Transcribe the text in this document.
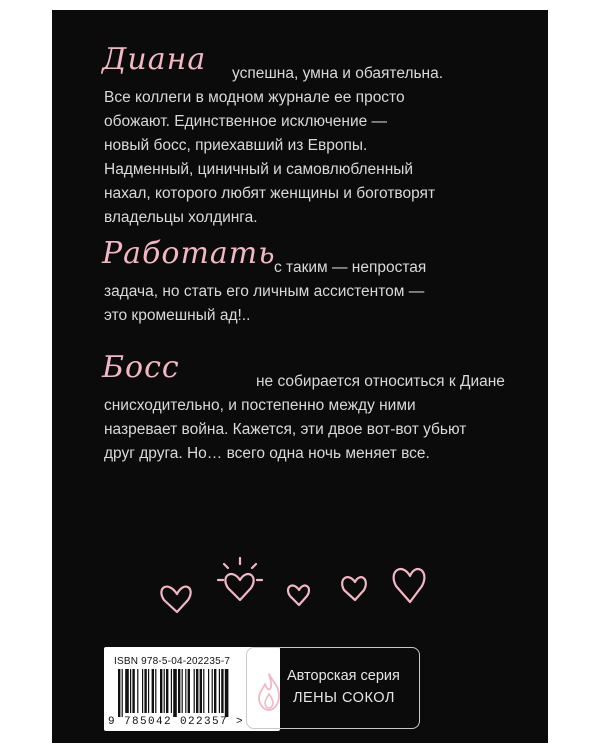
Диана успешна, умна и обаятельна.
Все коллеги в модном журнале ее просто
обожают. Единственное исключение —
новый босс, приехавший из Европы.
Надменный, циничный и самовлюбленный
нахал, которого любят женщины и боготворят
владельцы холдинга.
Работать
с таким — непростая
задача, но стать его личным ассистентом —
это кромешный ад!..
Босс	не собирается относиться к Диане
снисходительно, и постепенно между ними
назревает война. Кажется, эти двое вот-вот убьют
друг друга. Но… всего одна ночь меняет все.
ISBN 978-5-04-202235-7
9 785042 022357 >
Авторская серия
ЛЕНЫ СОКОЛ
